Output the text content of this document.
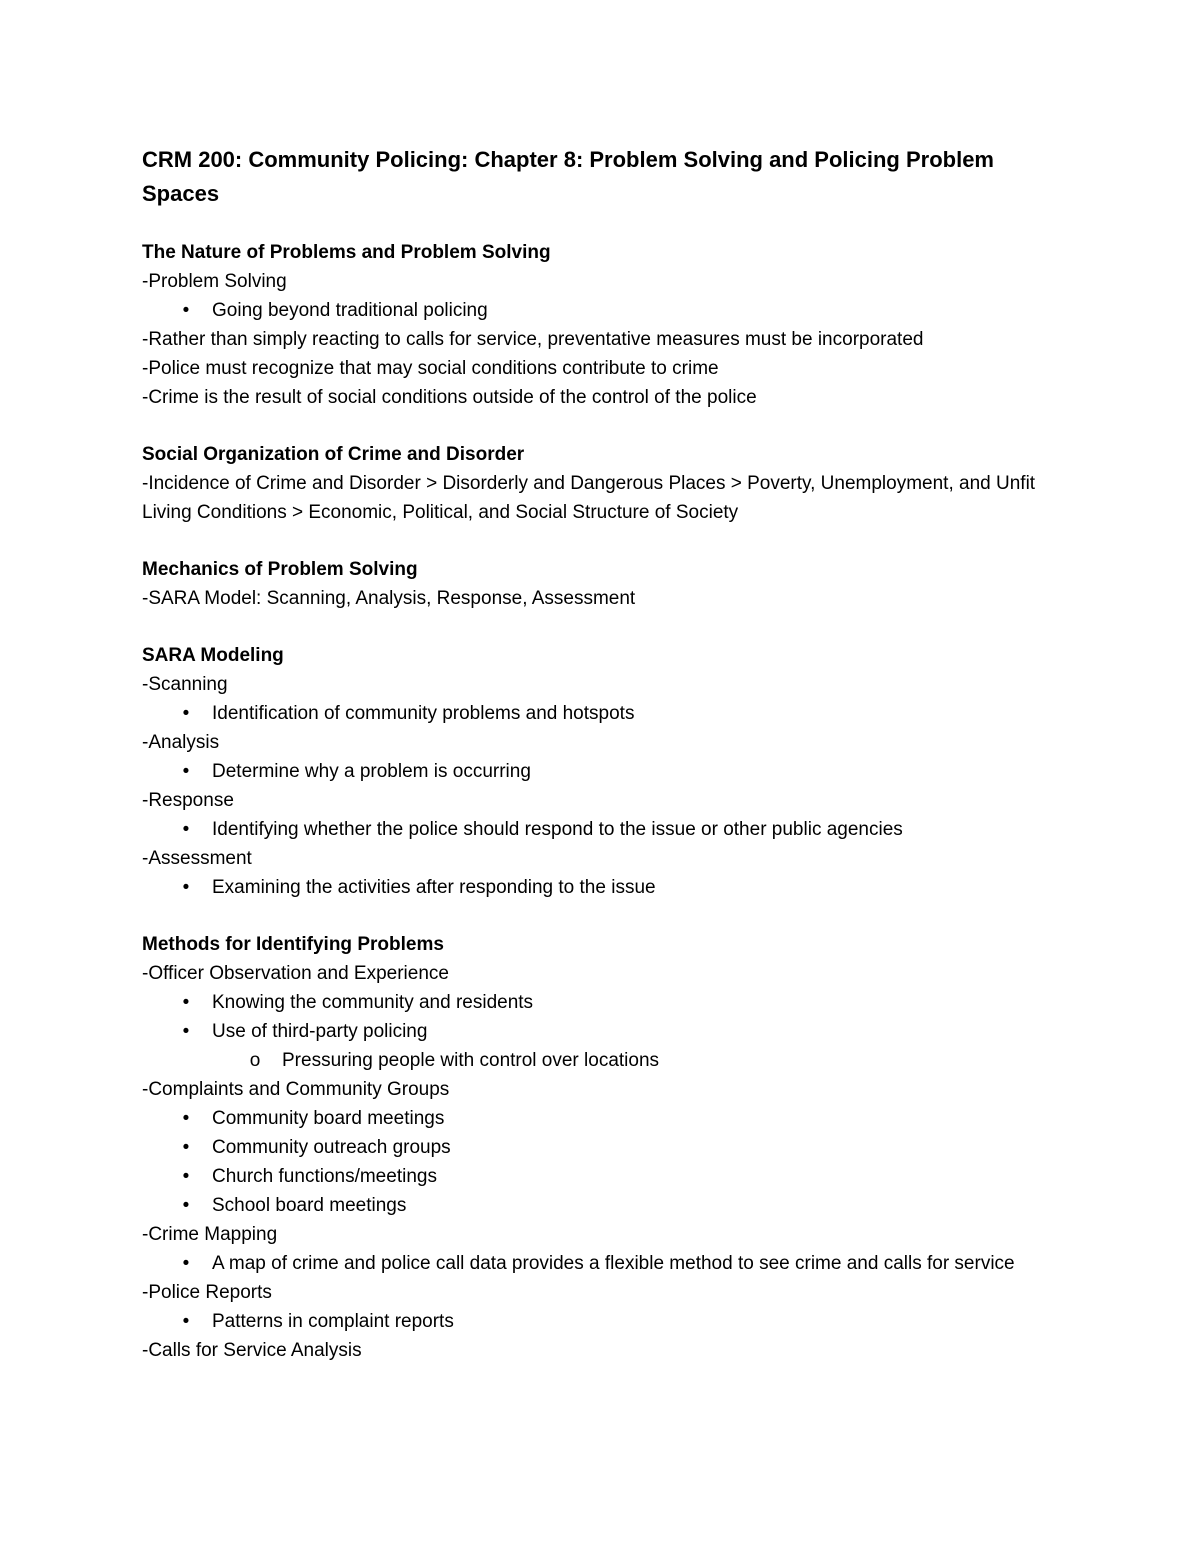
CRM 200: Community Policing: Chapter 8: Problem Solving and Policing Problem Spaces
The Nature of Problems and Problem Solving
-Problem Solving
•	Going beyond traditional policing
-Rather than simply reacting to calls for service, preventative measures must be incorporated
-Police must recognize that may social conditions contribute to crime
-Crime is the result of social conditions outside of the control of the police
Social Organization of Crime and Disorder
-Incidence of Crime and Disorder > Disorderly and Dangerous Places > Poverty, Unemployment, and Unfit Living Conditions > Economic, Political, and Social Structure of Society
Mechanics of Problem Solving
-SARA Model: Scanning, Analysis, Response, Assessment
SARA Modeling
-Scanning
•	Identification of community problems and hotspots
-Analysis
•	Determine why a problem is occurring
-Response
•	Identifying whether the police should respond to the issue or other public agencies
-Assessment
•	Examining the activities after responding to the issue
Methods for Identifying Problems
-Officer Observation and Experience
•	Knowing the community and residents
•	Use of third-party policing
o Pressuring people with control over locations
-Complaints and Community Groups
•	Community board meetings
•	Community outreach groups
•	Church functions/meetings
•	School board meetings
-Crime Mapping
•	A map of crime and police call data provides a flexible method to see crime and calls for service
-Police Reports
•	Patterns in complaint reports
-Calls for Service Analysis
